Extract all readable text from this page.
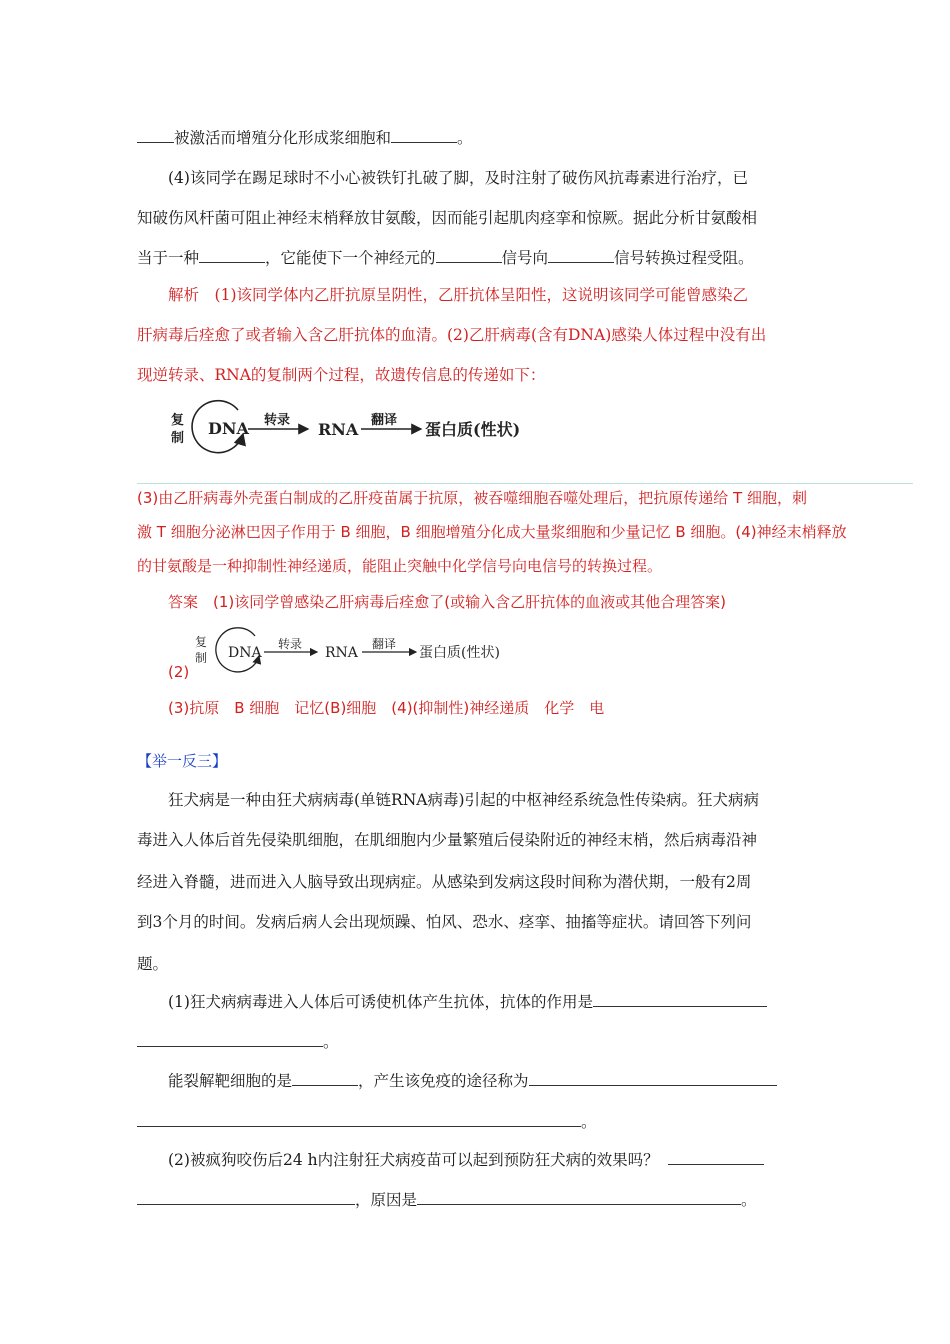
被激活而增殖分化形成浆细胞和	。
(4)该同学在踢足球时不小心被铁钉扎破了脚，及时注射了破伤风抗毒素进行治疗，已
知破伤风杆菌可阻止神经末梢释放甘氨酸，因而能引起肌肉痉挛和惊厥。据此分析甘氨酸相
当于一种	，它能使下一个神经元的	信号向	信号转换过程受阻。
解析　 (1)该同学体内乙肝抗原呈阴性，乙肝抗体呈阳性，这说明该同学可能曾感染乙
肝病毒后痊愈了或者输入含乙肝抗体的血清。(2)乙肝病毒(含有DNA)感染人体过程中没有出
现逆转录、RNA的复制两个过程，故遗传信息的传递如下：
复
制
DNA 转录 RNA 翻译 蛋白质(性状)
(3)由乙肝病毒外壳蛋白制成的乙肝疫苗属于抗原，被吞噬细胞吞噬处理后，把抗原传递给 T 细胞，刺
激 T 细胞分泌淋巴因子作用于 B 细胞，B 细胞增殖分化成大量浆细胞和少量记忆 B 细胞。(4)神经末梢释放
的甘氨酸是一种抑制性神经递质，能阻止突触中化学信号向电信号的转换过程。
答案　 (1)该同学曾感染乙肝病毒后痊愈了(或输入含乙肝抗体的血液或其他合理答案)
(2)
复
制 DNA
转录
RNA
翻译
蛋白质(性状)
(3)抗原　B 细胞　记忆(B)细胞　(4)(抑制性)神经递质　化学　电
【举一反三】
狂犬病是一种由狂犬病病毒(单链RNA病毒)引起的中枢神经系统急性传染病。狂犬病病
毒进入人体后首先侵染肌细胞，在肌细胞内少量繁殖后侵染附近的神经末梢，然后病毒沿神
经进入脊髓，进而进入人脑导致出现病症。从感染到发病这段时间称为潜伏期，一般有2周
到3个月的时间。发病后病人会出现烦躁、怕风、恐水、痉挛、抽搐等症状。请回答下列问
题。
(1)狂犬病病毒进入人体后可诱使机体产生抗体，抗体的作用是
。
能裂解靶细胞的是	，产生该免疫的途径称为
。
(2)被疯狗咬伤后24 h内注射狂犬病疫苗可以起到预防狂犬病的效果吗？
，原因是	。
